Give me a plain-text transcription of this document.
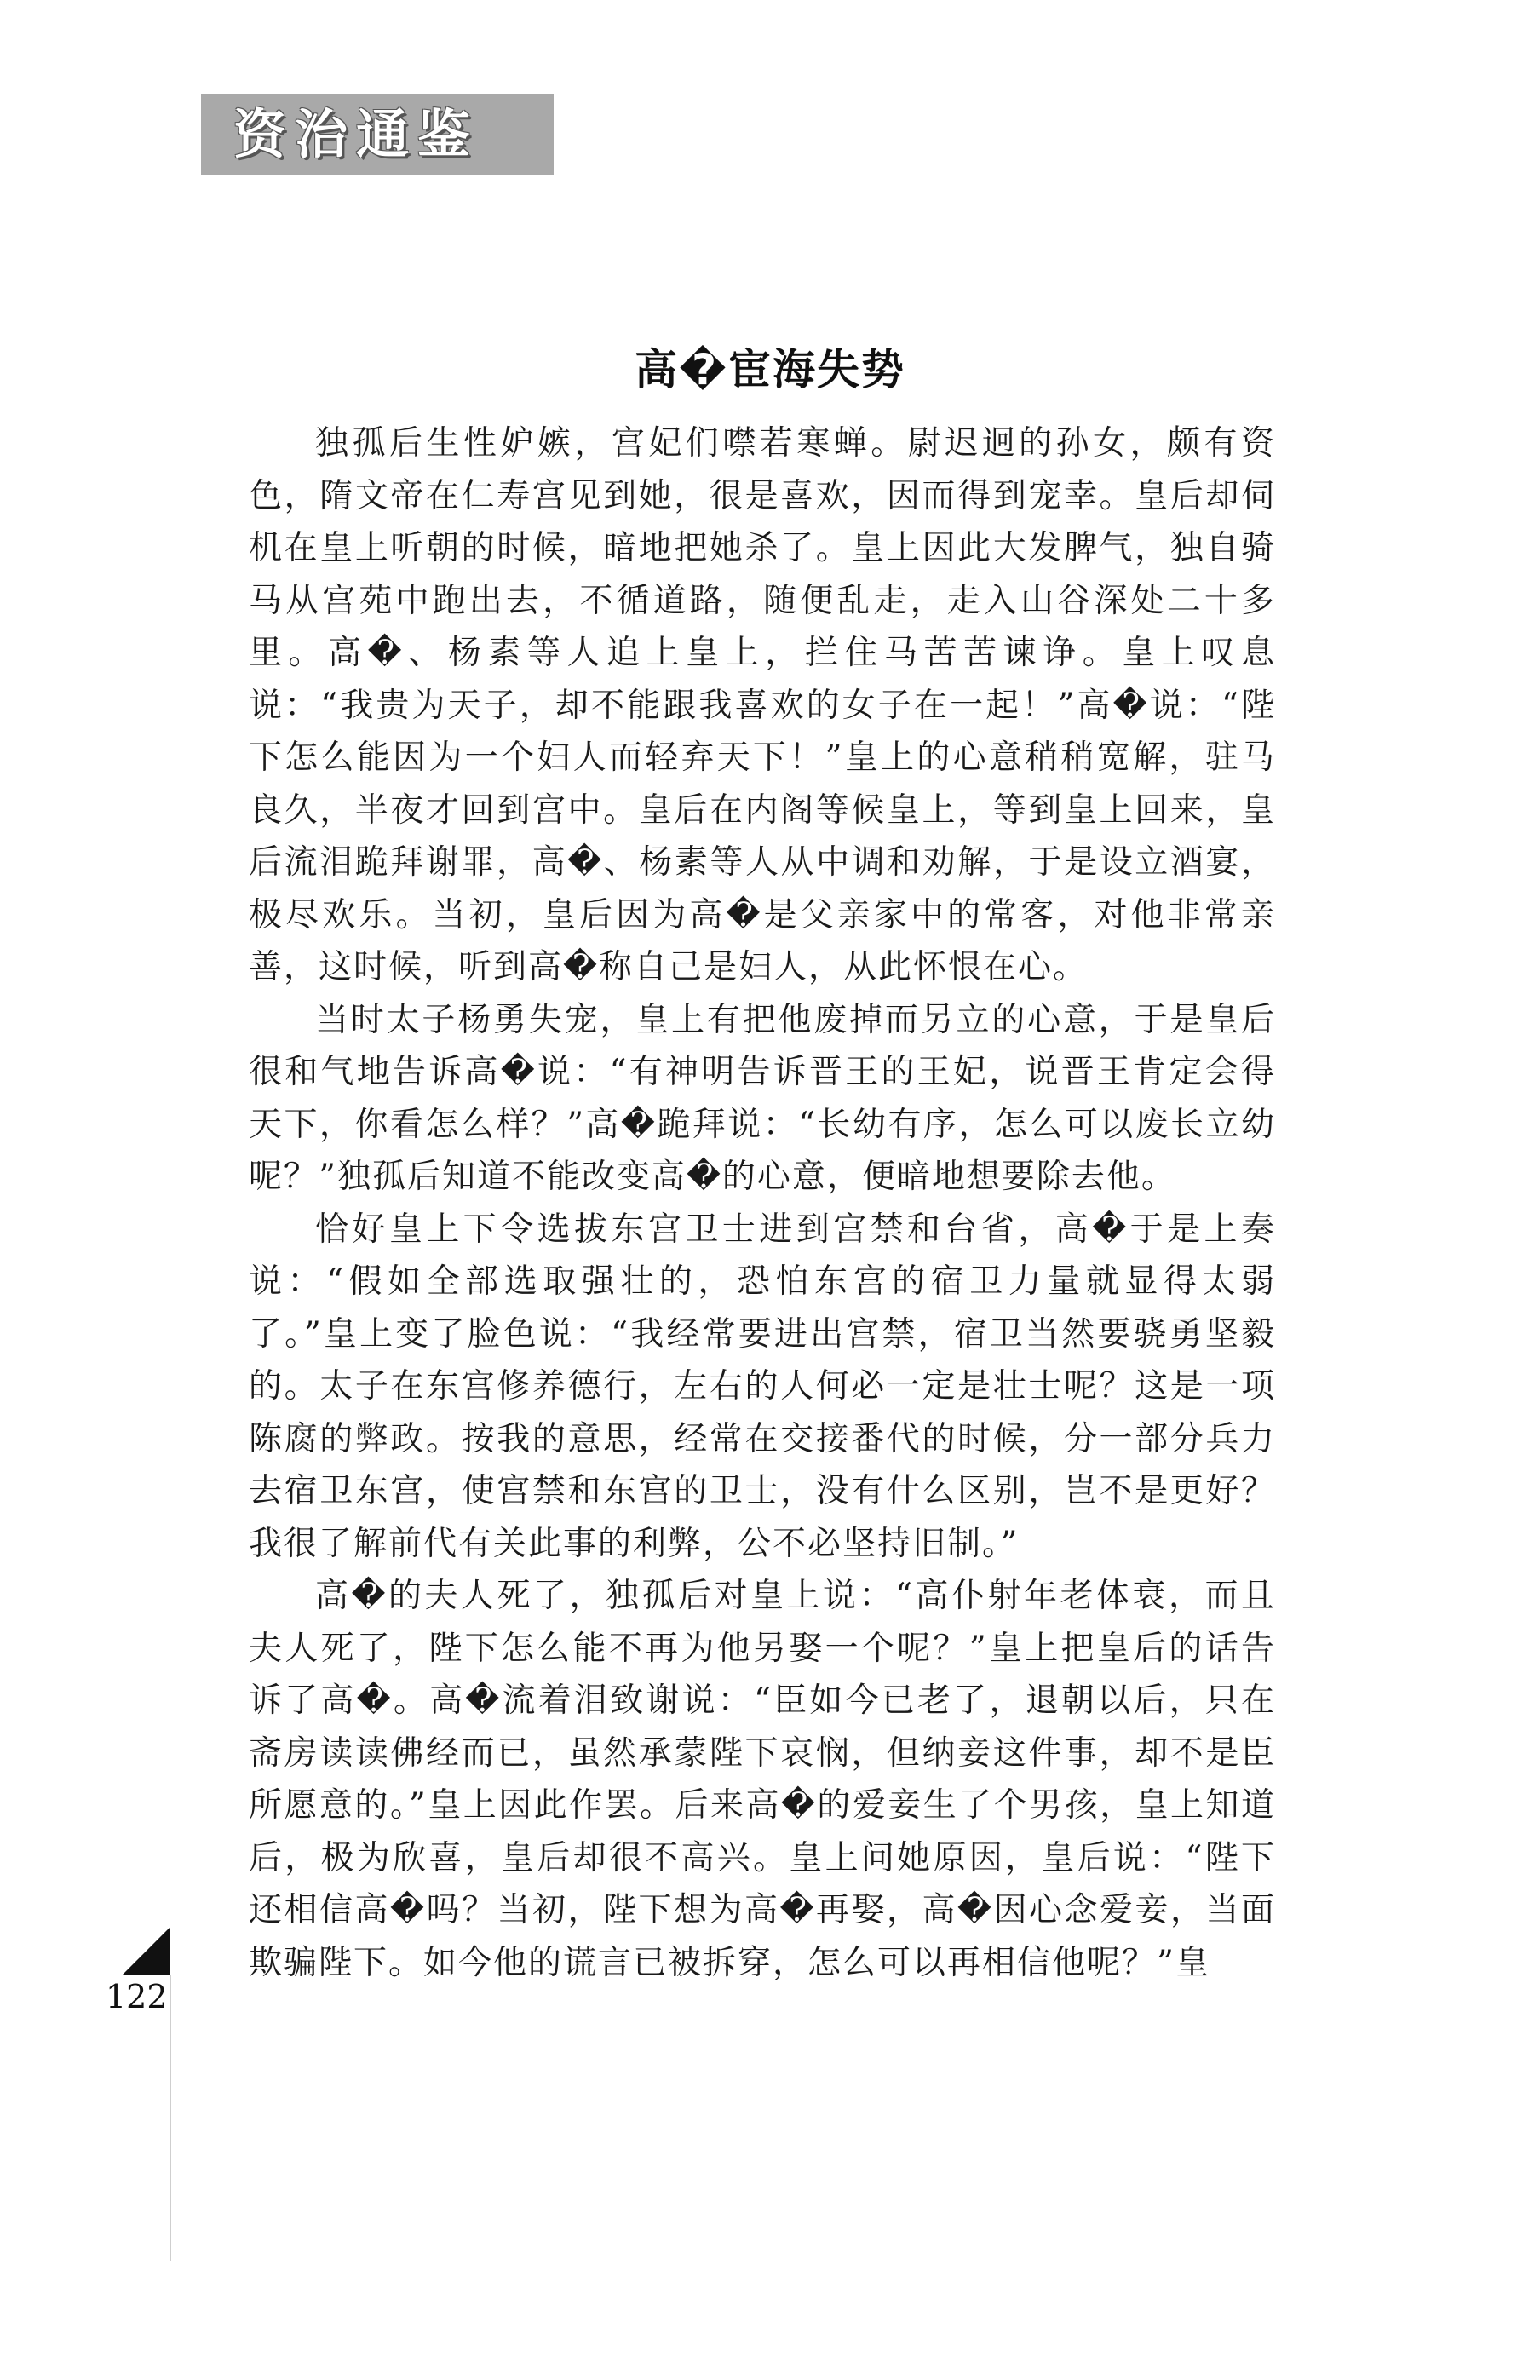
资治通鉴
高�宦海失势

独孤后生性妒嫉，宫妃们噤若寒蝉。尉迟迥的孙女，颇有资色，隋文帝在仁寿宫见到她，很是喜欢，因而得到宠幸。皇后却伺机在皇上听朝的时候，暗地把她杀了。皇上因此大发脾气，独自骑马从宫苑中跑出去，不循道路，随便乱走，走入山谷深处二十多里。高�、杨素等人追上皇上，拦住马苦苦谏诤。皇上叹息说：“我贵为天子，却不能跟我喜欢的女子在一起！”高�说：“陛下怎么能因为一个妇人而轻弃天下！”皇上的心意稍稍宽解，驻马良久，半夜才回到宫中。皇后在内阁等候皇上，等到皇上回来，皇后流泪跪拜谢罪，高�、杨素等人从中调和劝解，于是设立酒宴，极尽欢乐。当初，皇后因为高�是父亲家中的常客，对他非常亲善，这时候，听到高�称自己是妇人，从此怀恨在心。

当时太子杨勇失宠，皇上有把他废掉而另立的心意，于是皇后很和气地告诉高�说：“有神明告诉晋王的王妃，说晋王肯定会得天下，你看怎么样？”高�跪拜说：“长幼有序，怎么可以废长立幼呢？”独孤后知道不能改变高�的心意，便暗地想要除去他。

恰好皇上下令选拔东宫卫士进到宫禁和台省，高�于是上奏说：“假如全部选取强壮的，恐怕东宫的宿卫力量就显得太弱了。”皇上变了脸色说：“我经常要进出宫禁，宿卫当然要骁勇坚毅的。太子在东宫修养德行，左右的人何必一定是壮士呢？这是一项陈腐的弊政。按我的意思，经常在交接番代的时候，分一部分兵力去宿卫东宫，使宫禁和东宫的卫士，没有什么区别，岂不是更好？我很了解前代有关此事的利弊，公不必坚持旧制。”

高�的夫人死了，独孤后对皇上说：“高仆射年老体衰，而且夫人死了，陛下怎么能不再为他另娶一个呢？”皇上把皇后的话告诉了高�。高�流着泪致谢说：“臣如今已老了，退朝以后，只在斋房读读佛经而已，虽然承蒙陛下哀悯，但纳妾这件事，却不是臣所愿意的。”皇上因此作罢。后来高�的爱妾生了个男孩，皇上知道后，极为欣喜，皇后却很不高兴。皇上问她原因，皇后说：“陛下还相信高�吗？当初，陛下想为高�再娶，高�因心念爱妾，当面欺骗陛下。如今他的谎言已被拆穿，怎么可以再相信他呢？”皇

122
